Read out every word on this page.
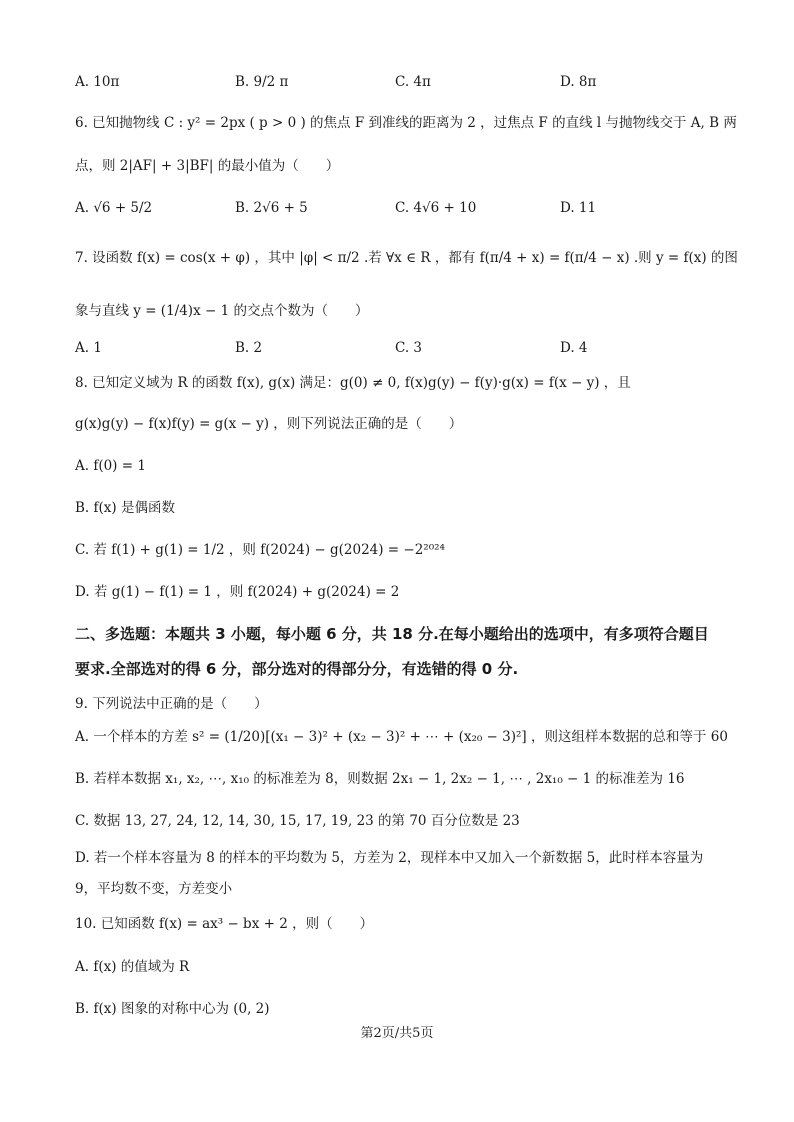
A. 10π	B. 9/2 π	C. 4π	D. 8π
6. 已知抛物线 C : y² = 2px ( p > 0 ) 的焦点 F 到准线的距离为 2 ，过焦点 F 的直线 l 与抛物线交于 A, B 两
点，则 2|AF| + 3|BF| 的最小值为（　　）
A. √6 + 5/2	B. 2√6 + 5	C. 4√6 + 10	D. 11
7. 设函数 f(x) = cos(x + φ) ，其中 |φ| < π/2 .若 ∀x ∈ R ，都有 f(π/4 + x) = f(π/4 − x) .则 y = f(x) 的图
象与直线 y = (1/4)x − 1 的交点个数为（　　）
A. 1	B. 2	C. 3	D. 4
8. 已知定义域为 R 的函数 f(x), g(x) 满足：g(0) ≠ 0, f(x)g(y) − f(y)·g(x) = f(x − y) ，且
g(x)g(y) − f(x)f(y) = g(x − y) ，则下列说法正确的是（　　）
A. f(0) = 1
B. f(x) 是偶函数
C. 若 f(1) + g(1) = 1/2 ，则 f(2024) − g(2024) = −2²⁰²⁴
D. 若 g(1) − f(1) = 1 ，则 f(2024) + g(2024) = 2
二、多选题：本题共 3 小题，每小题 6 分，共 18 分.在每小题给出的选项中，有多项符合题目
要求.全部选对的得 6 分，部分选对的得部分分，有选错的得 0 分.
9. 下列说法中正确的是（　　）
A. 一个样本的方差 s² = (1/20)[(x₁ − 3)² + (x₂ − 3)² + ⋯ + (x₂₀ − 3)²] ，则这组样本数据的总和等于 60
B. 若样本数据 x₁, x₂, ⋯, x₁₀ 的标准差为 8，则数据 2x₁ − 1, 2x₂ − 1, ⋯ , 2x₁₀ − 1 的标准差为 16
C. 数据 13, 27, 24, 12, 14, 30, 15, 17, 19, 23 的第 70 百分位数是 23
D. 若一个样本容量为 8 的样本的平均数为 5，方差为 2，现样本中又加入一个新数据 5，此时样本容量为
9，平均数不变，方差变小
10. 已知函数 f(x) = ax³ − bx + 2 ，则（　　）
A. f(x) 的值域为 R
B. f(x) 图象的对称中心为 (0, 2)
第2页/共5页
